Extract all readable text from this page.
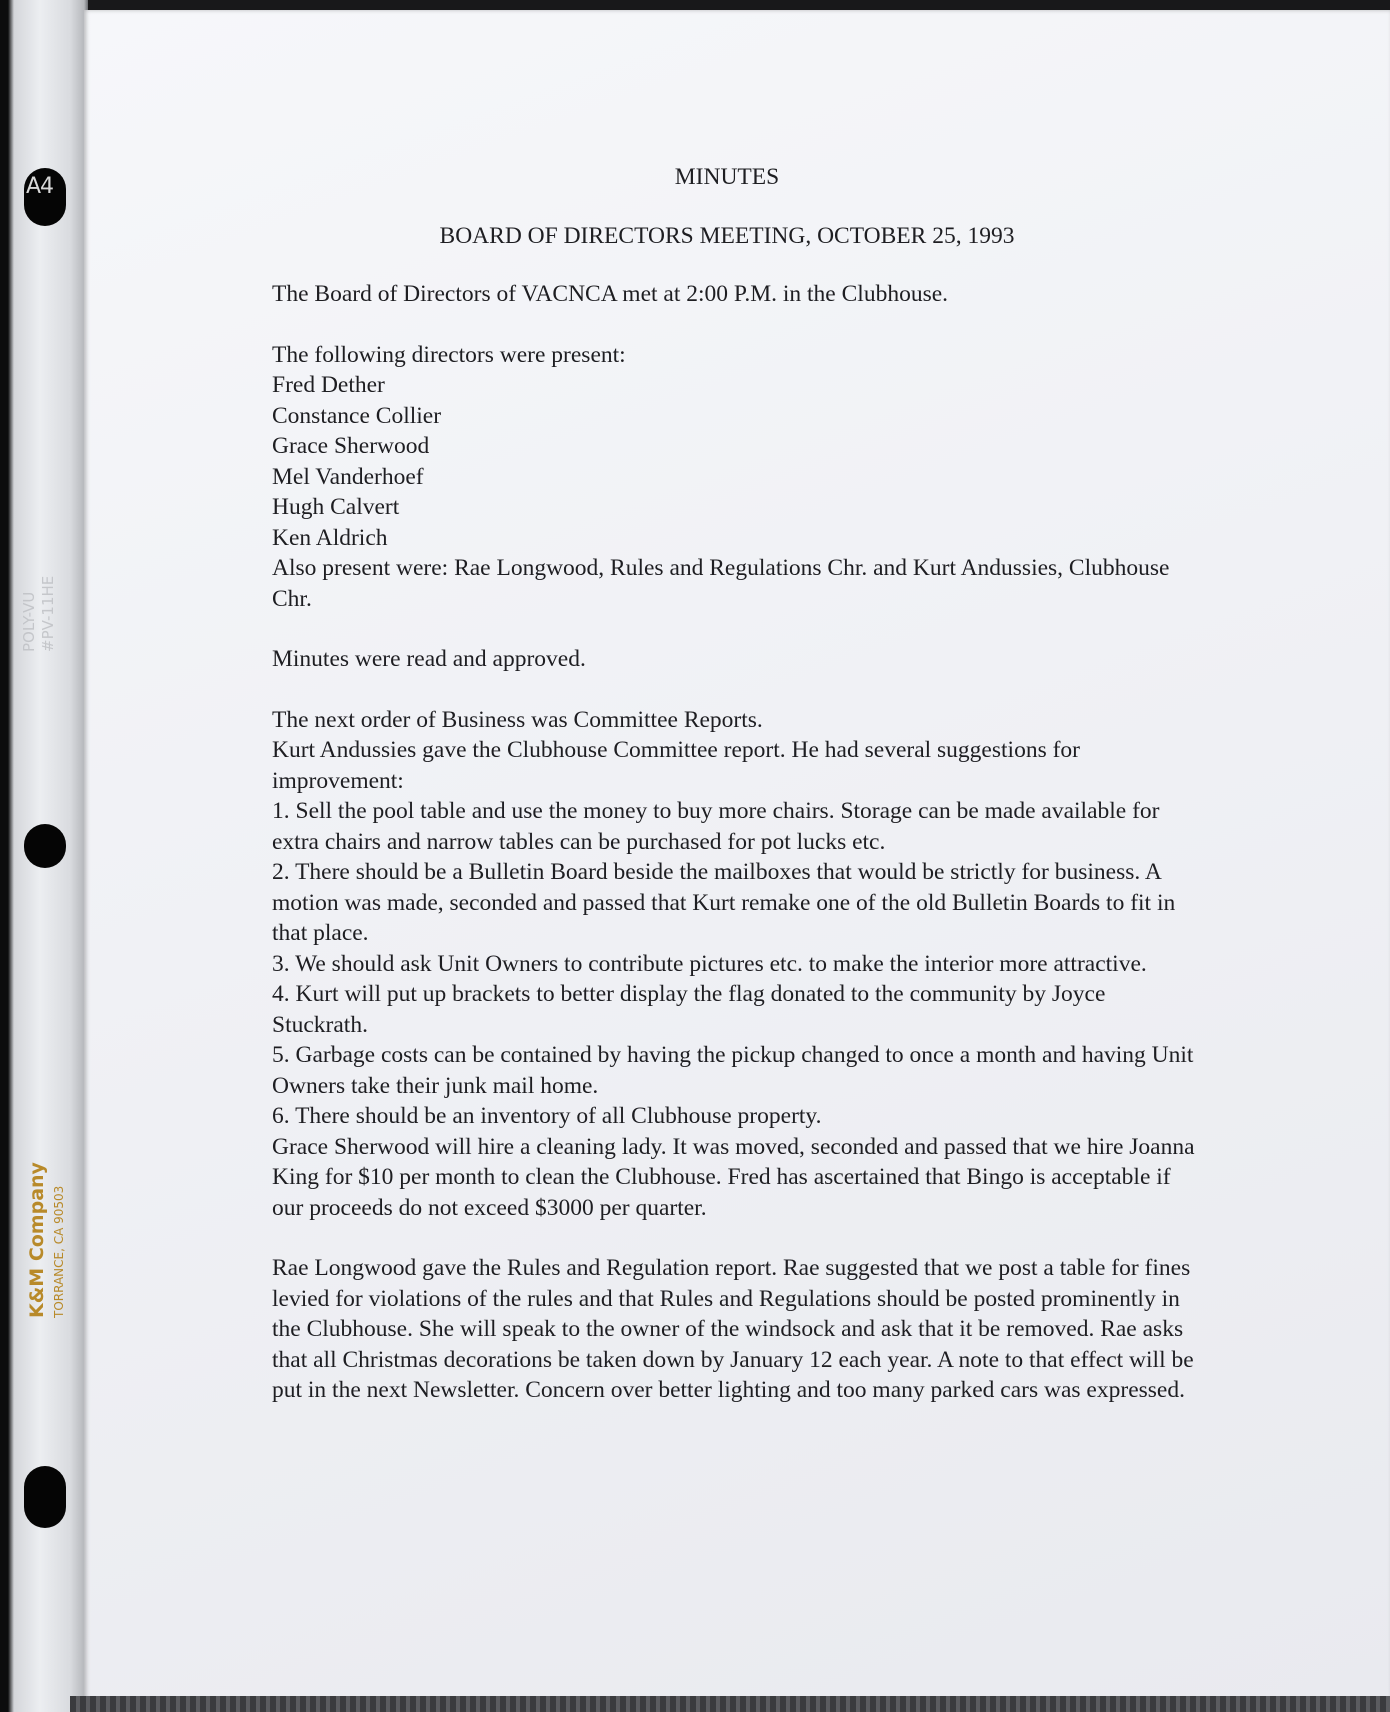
A4
POLY-VU #PV-11HE
K&M Company TORRANCE, CA 90503

MINUTES

BOARD OF DIRECTORS MEETING, OCTOBER 25, 1993

The Board of Directors of VACNCA met at 2:00 P.M. in the Clubhouse.

The following directors were present:

Fred Dether

Constance Collier

Grace Sherwood

Mel Vanderhoef

Hugh Calvert

Ken Aldrich

Also present were: Rae Longwood, Rules and Regulations Chr. and Kurt Andussies, Clubhouse Chr.

Minutes were read and approved.

The next order of Business was Committee Reports.

Kurt Andussies gave the Clubhouse Committee report. He had several suggestions for improvement:

1. Sell the pool table and use the money to buy more chairs. Storage can be made available for extra chairs and narrow tables can be purchased for pot lucks etc.

2. There should be a Bulletin Board beside the mailboxes that would be strictly for business. A motion was made, seconded and passed that Kurt remake one of the old Bulletin Boards to fit in that place.

3. We should ask Unit Owners to contribute pictures etc. to make the interior more attractive.

4. Kurt will put up brackets to better display the flag donated to the community by Joyce Stuckrath.

5. Garbage costs can be contained by having the pickup changed to once a month and having Unit Owners take their junk mail home.

6. There should be an inventory of all Clubhouse property.

Grace Sherwood will hire a cleaning lady. It was moved, seconded and passed that we hire Joanna King for $10 per month to clean the Clubhouse. Fred has ascertained that Bingo is acceptable if our proceeds do not exceed $3000 per quarter.

Rae Longwood gave the Rules and Regulation report. Rae suggested that we post a table for fines levied for violations of the rules and that Rules and Regulations should be posted prominently in the Clubhouse. She will speak to the owner of the windsock and ask that it be removed. Rae asks that all Christmas decorations be taken down by January 12 each year. A note to that effect will be put in the next Newsletter. Concern over better lighting and too many parked cars was expressed.
